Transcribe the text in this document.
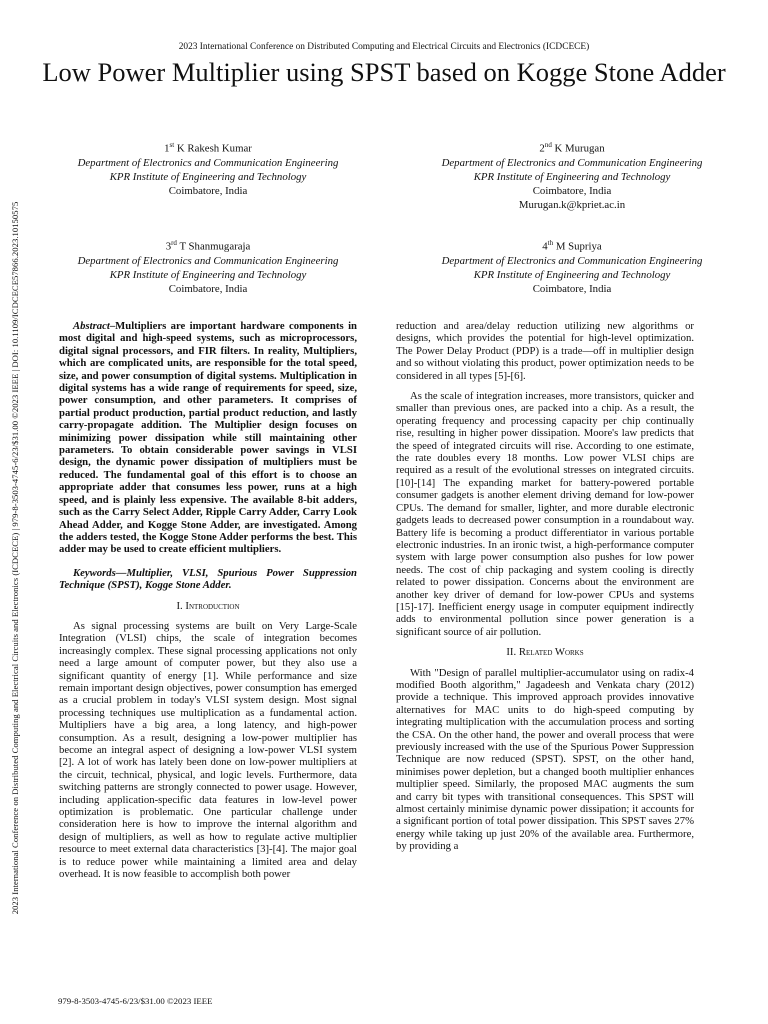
2023 International Conference on Distributed Computing and Electrical Circuits and Electronics (ICDCECE)
Low Power Multiplier using SPST based on Kogge Stone Adder
2023 International Conference on Distributed Computing and Electrical Circuits and Electronics (ICDCECE) | 979-8-3503-4745-6/23/$31.00 ©2023 IEEE | DOI: 10.1109/ICDCECE57866.2023.10150575
1st K Rakesh Kumar
Department of Electronics and Communication Engineering
KPR Institute of Engineering and Technology
Coimbatore, India
2nd K Murugan
Department of Electronics and Communication Engineering
KPR Institute of Engineering and Technology
Coimbatore, India
Murugan.k@kpriet.ac.in
3rd T Shanmugaraja
Department of Electronics and Communication Engineering
KPR Institute of Engineering and Technology
Coimbatore, India
4th M Supriya
Department of Electronics and Communication Engineering
KPR Institute of Engineering and Technology
Coimbatore, India

Abstract–Multipliers are important hardware components in most digital and high-speed systems, such as microprocessors, digital signal processors, and FIR filters. In reality, Multipliers, which are complicated units, are responsible for the total speed, size, and power consumption of digital systems. Multiplication in digital systems has a wide range of requirements for speed, size, power consumption, and other parameters. It comprises of partial product production, partial product reduction, and lastly carry-propagate addition. The Multiplier design focuses on minimizing power dissipation while still maintaining other parameters. To obtain considerable power savings in VLSI design, the dynamic power dissipation of multipliers must be reduced. The fundamental goal of this effort is to choose an appropriate adder that consumes less power, runs at a high speed, and is plainly less expensive. The available 8-bit adders, such as the Carry Select Adder, Ripple Carry Adder, Carry Look Ahead Adder, and Kogge Stone Adder, are investigated. Among the adders tested, the Kogge Stone Adder performs the best. This adder may be used to create efficient multipliers.

Keywords—Multiplier, VLSI, Spurious Power Suppression Technique (SPST), Kogge Stone Adder.

I. Introduction

As signal processing systems are built on Very Large-Scale Integration (VLSI) chips, the scale of integration becomes increasingly complex. These signal processing applications not only need a large amount of computer power, but they also use a significant quantity of energy [1]. While performance and size remain important design objectives, power consumption has emerged as a crucial problem in today's VLSI system design. Most signal processing techniques use multiplication as a fundamental action. Multipliers have a big area, a long latency, and high-power consumption. As a result, designing a low-power multiplier has become an integral aspect of designing a low-power VLSI system [2]. A lot of work has lately been done on low-power multipliers at the circuit, technical, physical, and logic levels. Furthermore, data switching patterns are strongly connected to power usage. However, including application-specific data features in low-level power optimization is problematic. One particular challenge under consideration here is how to improve the internal algorithm and design of multipliers, as well as how to regulate active multiplier resource to meet external data characteristics [3]-[4]. The major goal is to reduce power while maintaining a limited area and delay overhead. It is now feasible to accomplish both power

reduction and area/delay reduction utilizing new algorithms or designs, which provides the potential for high-level optimization. The Power Delay Product (PDP) is a trade—off in multiplier design and so without violating this product, power optimization needs to be considered in all types [5]-[6].

As the scale of integration increases, more transistors, quicker and smaller than previous ones, are packed into a chip. As a result, the operating frequency and processing capacity per chip continually rise, resulting in higher power dissipation. Moore's law predicts that the speed of integrated circuits will rise. According to one estimate, the rate doubles every 18 months. Low power VLSI chips are required as a result of the evolutional stresses on integrated circuits. [10]-[14] The expanding market for battery-powered portable consumer gadgets is another element driving demand for low-power CPUs. The demand for smaller, lighter, and more durable electronic gadgets leads to decreased power consumption in a roundabout way. Battery life is becoming a product differentiator in various portable electronic industries. In an ironic twist, a high-performance computer system with large power consumption also pushes for low power needs. The cost of chip packaging and system cooling is directly related to power dissipation. Concerns about the environment are another key driver of demand for low-power CPUs and systems [15]-17]. Inefficient energy usage in computer equipment indirectly adds to environmental pollution since power generation is a significant source of air pollution.

II. Related Works

With "Design of parallel multiplier-accumulator using on radix-4 modified Booth algorithm," Jagadeesh and Venkata chary (2012) provide a technique. This improved approach provides innovative alternatives for MAC units to do high-speed computing by integrating multiplication with the accumulation process and sorting the CSA. On the other hand, the power and overall process that were previously increased with the use of the Spurious Power Suppression Technique are now reduced (SPST). SPST, on the other hand, minimises power depletion, but a changed booth multiplier enhances multiplier speed. Similarly, the proposed MAC augments the sum and carry bit types with transitional consequences. This SPST will almost certainly minimise dynamic power dissipation; it accounts for a significant portion of total power dissipation. This SPST saves 27% energy while taking up just 20% of the available area. Furthermore, by providing a

979-8-3503-4745-6/23/$31.00 ©2023 IEEE
